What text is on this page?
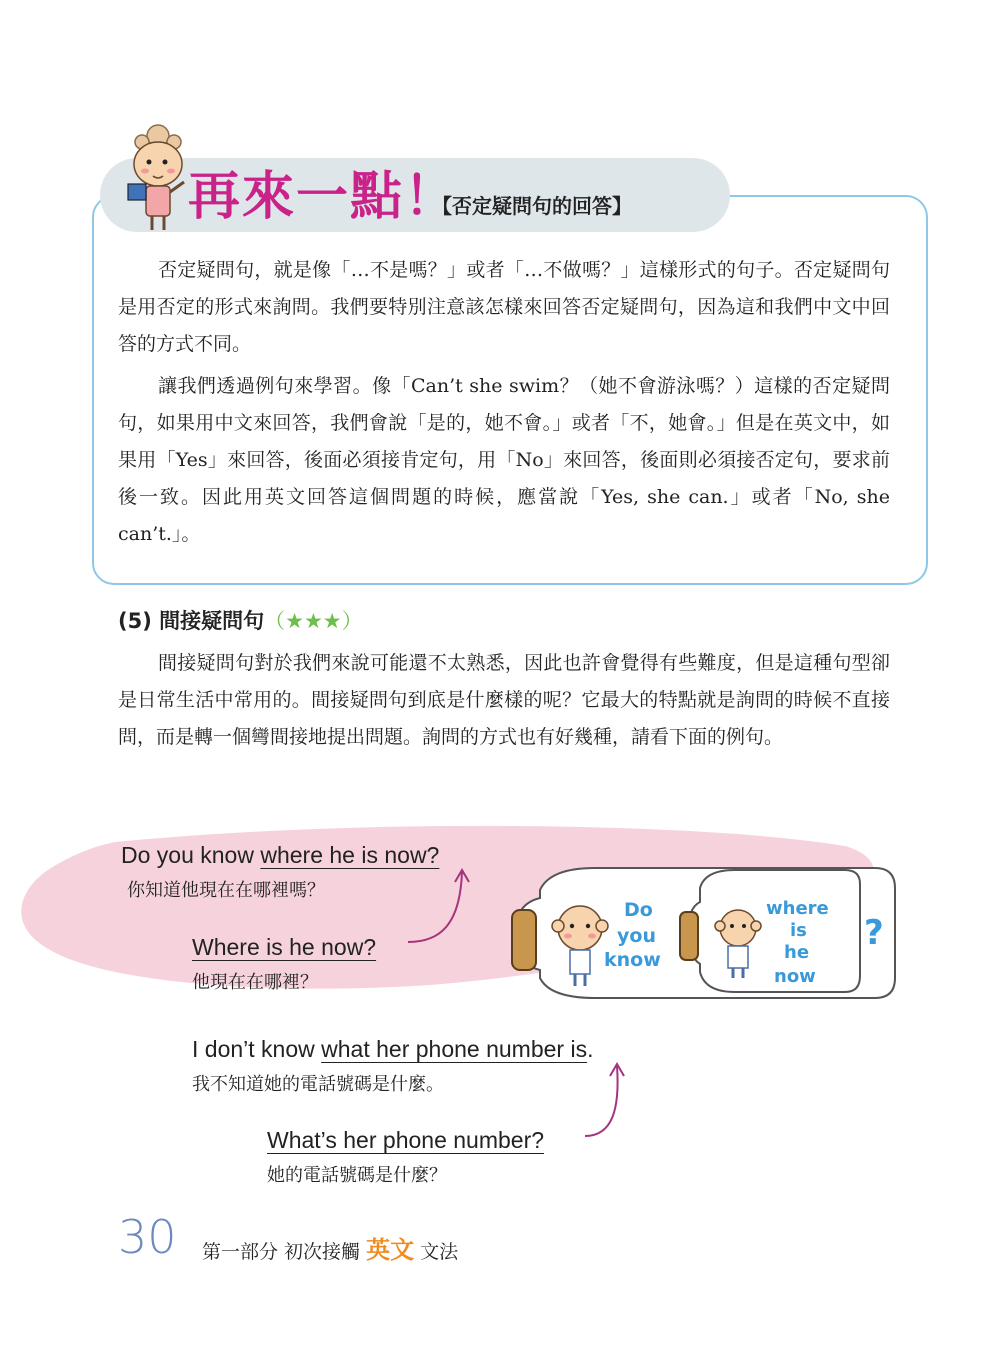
再來一點！
【否定疑問句的回答】

否定疑問句，就是像「…不是嗎？」或者「…不做嗎？」這樣形式的句子。否定疑問句是用否定的形式來詢問。我們要特別注意該怎樣來回答否定疑問句，因為這和我們中文中回答的方式不同。

讓我們透過例句來學習。像「Can’t she swim？（她不會游泳嗎？）這樣的否定疑問句，如果用中文來回答，我們會說「是的，她不會。」或者「不，她會。」但是在英文中，如果用「Yes」來回答，後面必須接肯定句，用「No」來回答，後面則必須接否定句，要求前後一致。因此用英文回答這個問題的時候，應當說「Yes, she can.」或者「No, she can’t.」。

(5) 間接疑問句（★★★）

間接疑問句對於我們來說可能還不太熟悉，因此也許會覺得有些難度，但是這種句型卻是日常生活中常用的。間接疑問句到底是什麼樣的呢？它最大的特點就是詢問的時候不直接問，而是轉一個彎間接地提出問題。詢問的方式也有好幾種，請看下面的例句。

Do you know where he is now?
你知道他現在在哪裡嗎？
Where is he now?
他現在在哪裡？
Do
you
know
where
is
he
now
?
I don’t know what her phone number is.
我不知道她的電話號碼是什麼。
What’s her phone number?
她的電話號碼是什麼？
30 第一部分 初次接觸 英文 文法
